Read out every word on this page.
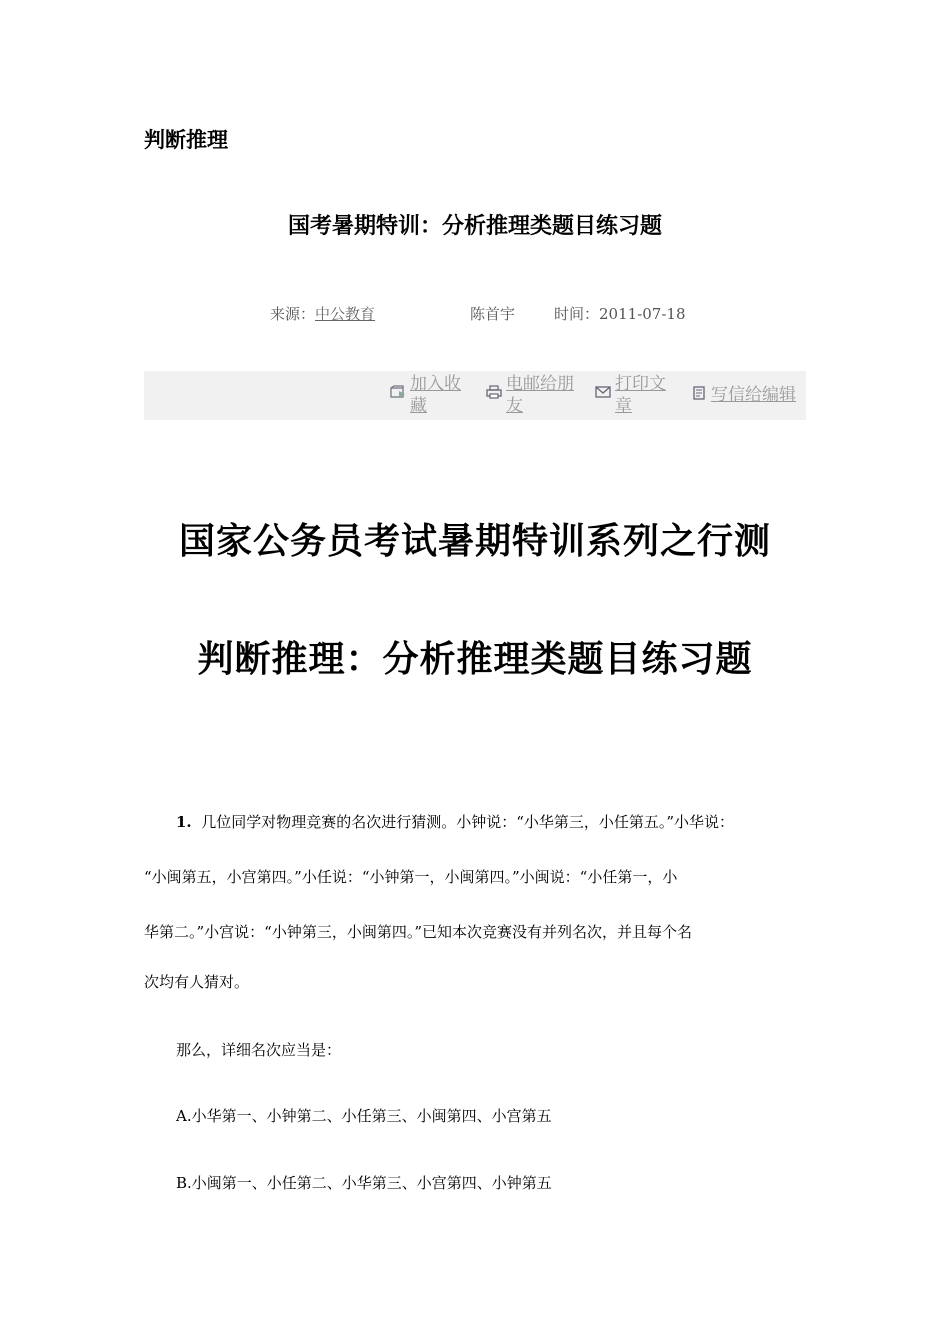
判断推理
国考暑期特训：分析推理类题目练习题
来源：中公教育	陈首宇	时间：2011-07-18
加入收
藏
电邮给朋
友
打印文
章
写信给编辑
国家公务员考试暑期特训系列之行测
判断推理：分析推理类题目练习题
1. 几位同学对物理竞赛的名次进行猜测。小钟说：“小华第三，小任第五。”小华说：
“小闽第五，小宫第四。”小任说：“小钟第一，小闽第四。”小闽说：“小任第一，小
华第二。”小宫说：“小钟第三，小闽第四。”已知本次竞赛没有并列名次，并且每个名
次均有人猜对。
那么，详细名次应当是：
A.小华第一、小钟第二、小任第三、小闽第四、小宫第五
B.小闽第一、小任第二、小华第三、小宫第四、小钟第五
